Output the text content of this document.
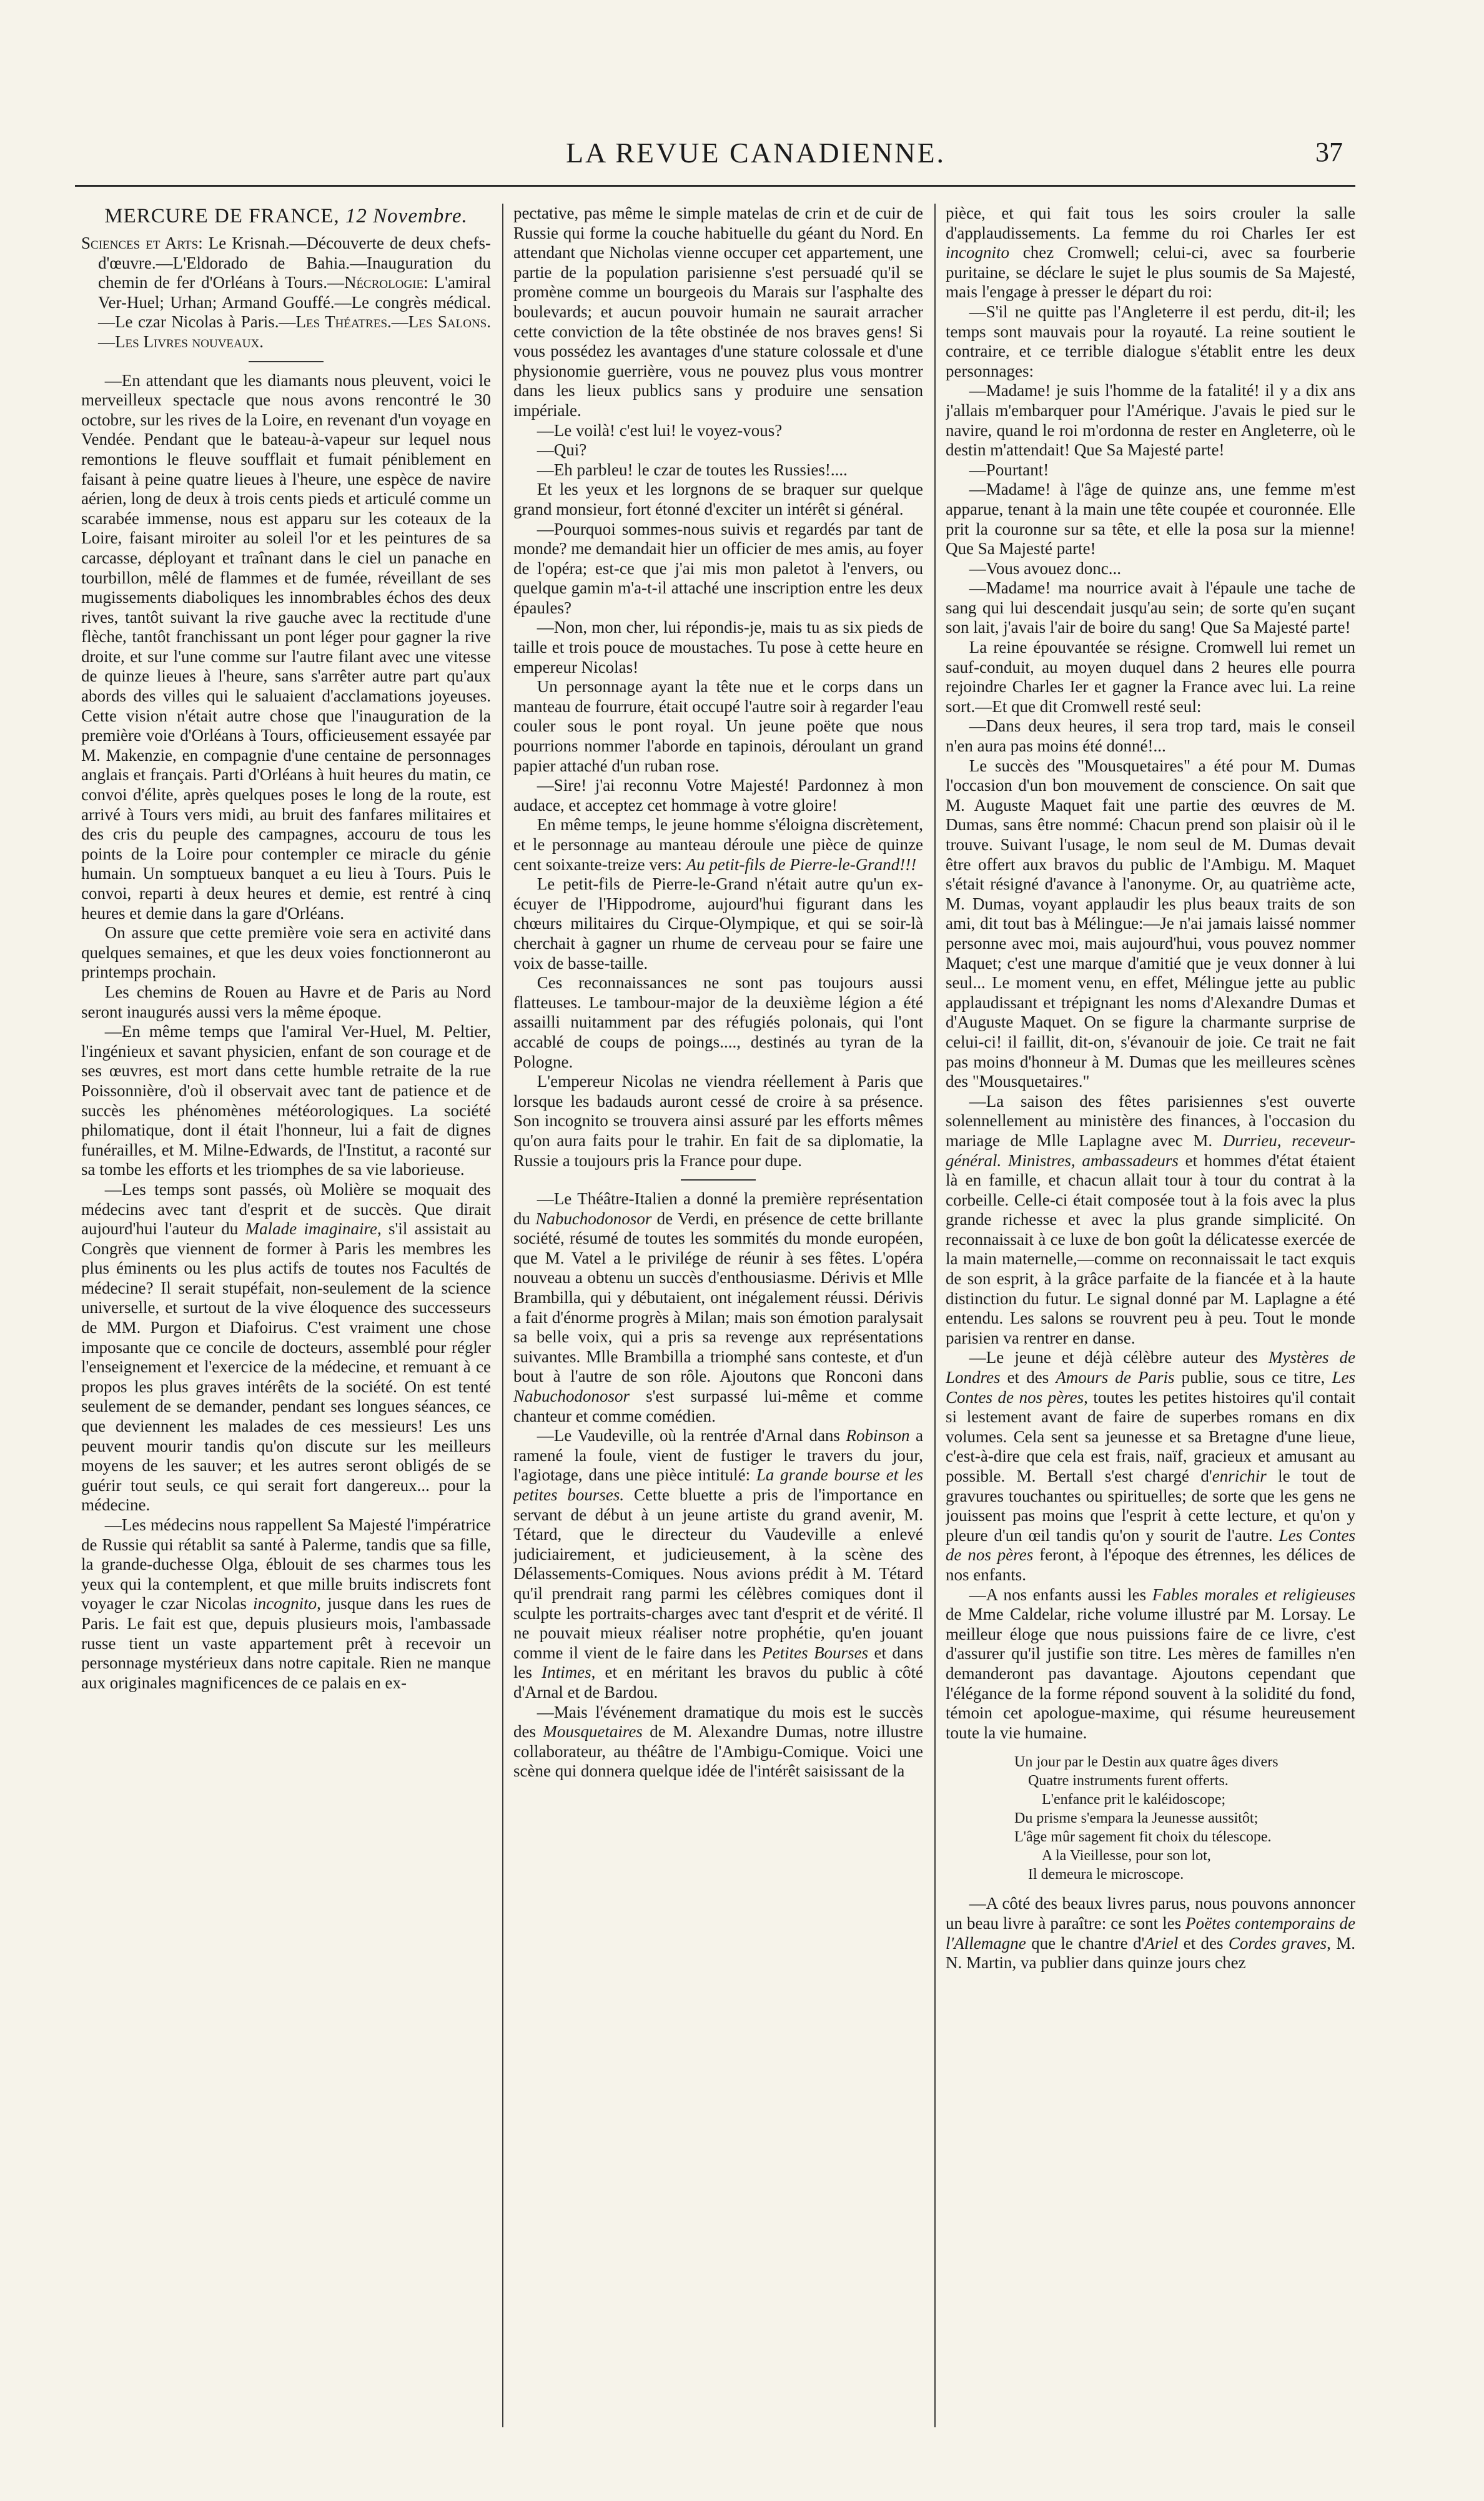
LA REVUE CANADIENNE.	37
MERCURE DE FRANCE, 12 Novembre.

Sciences et Arts: Le Krisnah.—Découverte de deux chefs-d'œuvre.—L'Eldorado de Bahia.—Inauguration du chemin de fer d'Orléans à Tours.—Nécrologie: L'amiral Ver-Huel; Urhan; Armand Gouffé.—Le congrès médical.—Le czar Nicolas à Paris.—Les Théatres.—Les Salons.—Les Livres nouveaux.

—En attendant que les diamants nous pleuvent, voici le merveilleux spectacle que nous avons rencontré le 30 octobre, sur les rives de la Loire, en revenant d'un voyage en Vendée. Pendant que le bateau-à-vapeur sur lequel nous remontions le fleuve soufflait et fumait péniblement en faisant à peine quatre lieues à l'heure, une espèce de navire aérien, long de deux à trois cents pieds et articulé comme un scarabée immense, nous est apparu sur les coteaux de la Loire, faisant miroiter au soleil l'or et les peintures de sa carcasse, déployant et traînant dans le ciel un panache en tourbillon, mêlé de flammes et de fumée, réveillant de ses mugissements diaboliques les innombrables échos des deux rives, tantôt suivant la rive gauche avec la rectitude d'une flèche, tantôt franchissant un pont léger pour gagner la rive droite, et sur l'une comme sur l'autre filant avec une vitesse de quinze lieues à l'heure, sans s'arrêter autre part qu'aux abords des villes qui le saluaient d'acclamations joyeuses. Cette vision n'était autre chose que l'inauguration de la première voie d'Orléans à Tours, officieusement essayée par M. Makenzie, en compagnie d'une centaine de personnages anglais et français. Parti d'Orléans à huit heures du matin, ce convoi d'élite, après quelques poses le long de la route, est arrivé à Tours vers midi, au bruit des fanfares militaires et des cris du peuple des campagnes, accouru de tous les points de la Loire pour contempler ce miracle du génie humain. Un somptueux banquet a eu lieu à Tours. Puis le convoi, reparti à deux heures et demie, est rentré à cinq heures et demie dans la gare d'Orléans.

On assure que cette première voie sera en activité dans quelques semaines, et que les deux voies fonctionneront au printemps prochain.

Les chemins de Rouen au Havre et de Paris au Nord seront inaugurés aussi vers la même époque.

—En même temps que l'amiral Ver-Huel, M. Peltier, l'ingénieux et savant physicien, enfant de son courage et de ses œuvres, est mort dans cette humble retraite de la rue Poissonnière, d'où il observait avec tant de patience et de succès les phénomènes météorologiques. La société philomatique, dont il était l'honneur, lui a fait de dignes funérailles, et M. Milne-Edwards, de l'Institut, a raconté sur sa tombe les efforts et les triomphes de sa vie laborieuse.

—Les temps sont passés, où Molière se moquait des médecins avec tant d'esprit et de succès. Que dirait aujourd'hui l'auteur du Malade imaginaire, s'il assistait au Congrès que viennent de former à Paris les membres les plus éminents ou les plus actifs de toutes nos Facultés de médecine? Il serait stupéfait, non-seulement de la science universelle, et surtout de la vive éloquence des successeurs de MM. Purgon et Diafoirus. C'est vraiment une chose imposante que ce concile de docteurs, assemblé pour régler l'enseignement et l'exercice de la médecine, et remuant à ce propos les plus graves intérêts de la société. On est tenté seulement de se demander, pendant ses longues séances, ce que deviennent les malades de ces messieurs! Les uns peuvent mourir tandis qu'on discute sur les meilleurs moyens de les sauver; et les autres seront obligés de se guérir tout seuls, ce qui serait fort dangereux... pour la médecine.

—Les médecins nous rappellent Sa Majesté l'impératrice de Russie qui rétablit sa santé à Palerme, tandis que sa fille, la grande-duchesse Olga, éblouit de ses charmes tous les yeux qui la contemplent, et que mille bruits indiscrets font voyager le czar Nicolas incognito, jusque dans les rues de Paris. Le fait est que, depuis plusieurs mois, l'ambassade russe tient un vaste appartement prêt à recevoir un personnage mystérieux dans notre capitale. Rien ne manque aux originales magnificences de ce palais en ex-

pectative, pas même le simple matelas de crin et de cuir de Russie qui forme la couche habituelle du géant du Nord. En attendant que Nicholas vienne occuper cet appartement, une partie de la population parisienne s'est persuadé qu'il se promène comme un bourgeois du Marais sur l'asphalte des boulevards; et aucun pouvoir humain ne saurait arracher cette conviction de la tête obstinée de nos braves gens! Si vous possédez les avantages d'une stature colossale et d'une physionomie guerrière, vous ne pouvez plus vous montrer dans les lieux publics sans y produire une sensation impériale.

—Le voilà! c'est lui! le voyez-vous?

—Qui?

—Eh parbleu! le czar de toutes les Russies!....

Et les yeux et les lorgnons de se braquer sur quelque grand monsieur, fort étonné d'exciter un intérêt si général.

—Pourquoi sommes-nous suivis et regardés par tant de monde? me demandait hier un officier de mes amis, au foyer de l'opéra; est-ce que j'ai mis mon paletot à l'envers, ou quelque gamin m'a-t-il attaché une inscription entre les deux épaules?

—Non, mon cher, lui répondis-je, mais tu as six pieds de taille et trois pouce de moustaches. Tu pose à cette heure en empereur Nicolas!

Un personnage ayant la tête nue et le corps dans un manteau de fourrure, était occupé l'autre soir à regarder l'eau couler sous le pont royal. Un jeune poëte que nous pourrions nommer l'aborde en tapinois, déroulant un grand papier attaché d'un ruban rose.

—Sire! j'ai reconnu Votre Majesté! Pardonnez à mon audace, et acceptez cet hommage à votre gloire!

En même temps, le jeune homme s'éloigna discrètement, et le personnage au manteau déroule une pièce de quinze cent soixante-treize vers: Au petit-fils de Pierre-le-Grand!!!

Le petit-fils de Pierre-le-Grand n'était autre qu'un ex-écuyer de l'Hippodrome, aujourd'hui figurant dans les chœurs militaires du Cirque-Olympique, et qui se soir-là cherchait à gagner un rhume de cerveau pour se faire une voix de basse-taille.

Ces reconnaissances ne sont pas toujours aussi flatteuses. Le tambour-major de la deuxième légion a été assailli nuitamment par des réfugiés polonais, qui l'ont accablé de coups de poings...., destinés au tyran de la Pologne.

L'empereur Nicolas ne viendra réellement à Paris que lorsque les badauds auront cessé de croire à sa présence. Son incognito se trouvera ainsi assuré par les efforts mêmes qu'on aura faits pour le trahir. En fait de sa diplomatie, la Russie a toujours pris la France pour dupe.

—Le Théâtre-Italien a donné la première représentation du Nabuchodonosor de Verdi, en présence de cette brillante société, résumé de toutes les sommités du monde européen, que M. Vatel a le privilége de réunir à ses fêtes. L'opéra nouveau a obtenu un succès d'enthousiasme. Dérivis et Mlle Brambilla, qui y débutaient, ont inégalement réussi. Dérivis a fait d'énorme progrès à Milan; mais son émotion paralysait sa belle voix, qui a pris sa revenge aux représentations suivantes. Mlle Brambilla a triomphé sans conteste, et d'un bout à l'autre de son rôle. Ajoutons que Ronconi dans Nabuchodonosor s'est surpassé lui-même et comme chanteur et comme comédien.

—Le Vaudeville, où la rentrée d'Arnal dans Robinson a ramené la foule, vient de fustiger le travers du jour, l'agiotage, dans une pièce intitulé: La grande bourse et les petites bourses. Cette bluette a pris de l'importance en servant de début à un jeune artiste du grand avenir, M. Tétard, que le directeur du Vaudeville a enlevé judiciairement, et judicieusement, à la scène des Délassements-Comiques. Nous avions prédit à M. Tétard qu'il prendrait rang parmi les célèbres comiques dont il sculpte les portraits-charges avec tant d'esprit et de vérité. Il ne pouvait mieux réaliser notre prophétie, qu'en jouant comme il vient de le faire dans les Petites Bourses et dans les Intimes, et en méritant les bravos du public à côté d'Arnal et de Bardou.

—Mais l'événement dramatique du mois est le succès des Mousquetaires de M. Alexandre Dumas, notre illustre collaborateur, au théâtre de l'Ambigu-Comique. Voici une scène qui donnera quelque idée de l'intérêt saisissant de la

pièce, et qui fait tous les soirs crouler la salle d'applaudissements. La femme du roi Charles Ier est incognito chez Cromwell; celui-ci, avec sa fourberie puritaine, se déclare le sujet le plus soumis de Sa Majesté, mais l'engage à presser le départ du roi:

—S'il ne quitte pas l'Angleterre il est perdu, dit-il; les temps sont mauvais pour la royauté. La reine soutient le contraire, et ce terrible dialogue s'établit entre les deux personnages:

—Madame! je suis l'homme de la fatalité! il y a dix ans j'allais m'embarquer pour l'Amérique. J'avais le pied sur le navire, quand le roi m'ordonna de rester en Angleterre, où le destin m'attendait! Que Sa Majesté parte!

—Pourtant!

—Madame! à l'âge de quinze ans, une femme m'est apparue, tenant à la main une tête coupée et couronnée. Elle prit la couronne sur sa tête, et elle la posa sur la mienne! Que Sa Majesté parte!

—Vous avouez donc...

—Madame! ma nourrice avait à l'épaule une tache de sang qui lui descendait jusqu'au sein; de sorte qu'en suçant son lait, j'avais l'air de boire du sang! Que Sa Majesté parte!

La reine épouvantée se résigne. Cromwell lui remet un sauf-conduit, au moyen duquel dans 2 heures elle pourra rejoindre Charles Ier et gagner la France avec lui. La reine sort.—Et que dit Cromwell resté seul:

—Dans deux heures, il sera trop tard, mais le conseil n'en aura pas moins été donné!...

Le succès des "Mousquetaires" a été pour M. Dumas l'occasion d'un bon mouvement de conscience. On sait que M. Auguste Maquet fait une partie des œuvres de M. Dumas, sans être nommé: Chacun prend son plaisir où il le trouve. Suivant l'usage, le nom seul de M. Dumas devait être offert aux bravos du public de l'Ambigu. M. Maquet s'était résigné d'avance à l'anonyme. Or, au quatrième acte, M. Dumas, voyant applaudir les plus beaux traits de son ami, dit tout bas à Mélingue:—Je n'ai jamais laissé nommer personne avec moi, mais aujourd'hui, vous pouvez nommer Maquet; c'est une marque d'amitié que je veux donner à lui seul... Le moment venu, en effet, Mélingue jette au public applaudissant et trépignant les noms d'Alexandre Dumas et d'Auguste Maquet. On se figure la charmante surprise de celui-ci! il faillit, dit-on, s'évanouir de joie. Ce trait ne fait pas moins d'honneur à M. Dumas que les meilleures scènes des "Mousquetaires."

—La saison des fêtes parisiennes s'est ouverte solennellement au ministère des finances, à l'occasion du mariage de Mlle Laplagne avec M. Durrieu, receveur-général. Ministres, ambassadeurs et hommes d'état étaient là en famille, et chacun allait tour à tour du contrat à la corbeille. Celle-ci était composée tout à la fois avec la plus grande richesse et avec la plus grande simplicité. On reconnaissait à ce luxe de bon goût la délicatesse exercée de la main maternelle,—comme on reconnaissait le tact exquis de son esprit, à la grâce parfaite de la fiancée et à la haute distinction du futur. Le signal donné par M. Laplagne a été entendu. Les salons se rouvrent peu à peu. Tout le monde parisien va rentrer en danse.

—Le jeune et déjà célèbre auteur des Mystères de Londres et des Amours de Paris publie, sous ce titre, Les Contes de nos pères, toutes les petites histoires qu'il contait si lestement avant de faire de superbes romans en dix volumes. Cela sent sa jeunesse et sa Bretagne d'une lieue, c'est-à-dire que cela est frais, naïf, gracieux et amusant au possible. M. Bertall s'est chargé d'enrichir le tout de gravures touchantes ou spirituelles; de sorte que les gens ne jouissent pas moins que l'esprit à cette lecture, et qu'on y pleure d'un œil tandis qu'on y sourit de l'autre. Les Contes de nos pères feront, à l'époque des étrennes, les délices de nos enfants.

—A nos enfants aussi les Fables morales et religieuses de Mme Caldelar, riche volume illustré par M. Lorsay. Le meilleur éloge que nous puissions faire de ce livre, c'est d'assurer qu'il justifie son titre. Les mères de familles n'en demanderont pas davantage. Ajoutons cependant que l'élégance de la forme répond souvent à la solidité du fond, témoin cet apologue-maxime, qui résume heureusement toute la vie humaine.

Un jour par le Destin aux quatre âges divers
Quatre instruments furent offerts.
L'enfance prit le kaléidoscope;
Du prisme s'empara la Jeunesse aussitôt;
L'âge mûr sagement fit choix du télescope.
A la Vieillesse, pour son lot,
Il demeura le microscope.

—A côté des beaux livres parus, nous pouvons annoncer un beau livre à paraître: ce sont les Poëtes contemporains de l'Allemagne que le chantre d'Ariel et des Cordes graves, M. N. Martin, va publier dans quinze jours chez
